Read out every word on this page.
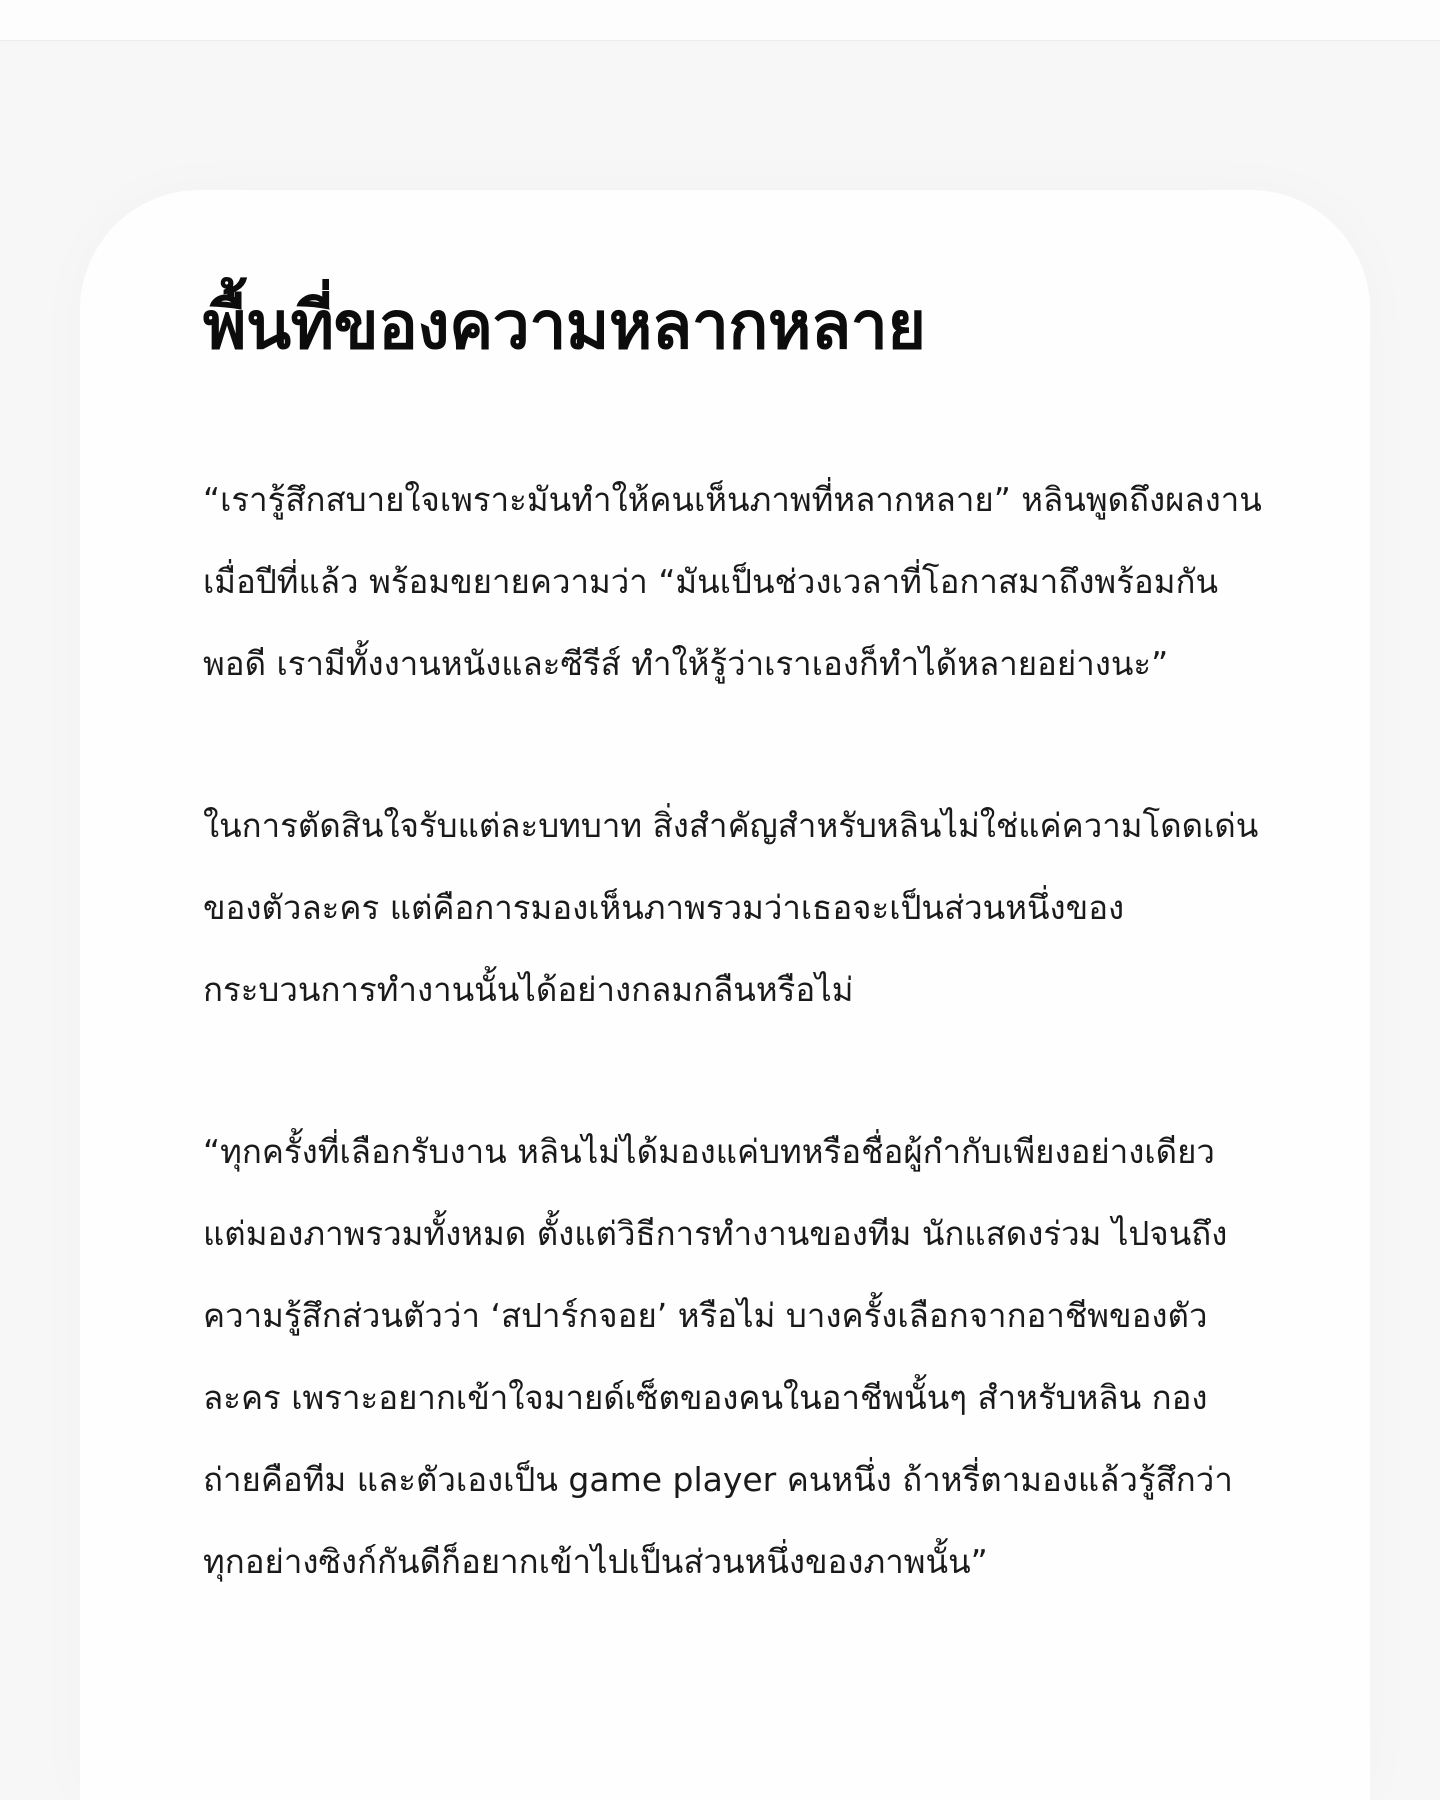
พื้นที่ของความหลากหลาย

“เรารู้สึกสบายใจเพราะมันทำให้คนเห็นภาพที่หลากหลาย” หลินพูดถึงผลงานเมื่อปีที่แล้ว พร้อมขยายความว่า “มันเป็นช่วงเวลาที่โอกาสมาถึงพร้อมกันพอดี เรามีทั้งงานหนังและซีรีส์ ทำให้รู้ว่าเราเองก็ทำได้หลายอย่างนะ”

ในการตัดสินใจรับแต่ละบทบาท สิ่งสำคัญสำหรับหลินไม่ใช่แค่ความโดดเด่นของตัวละคร แต่คือการมองเห็นภาพรวมว่าเธอจะเป็นส่วนหนึ่งของกระบวนการทำงานนั้นได้อย่างกลมกลืนหรือไม่

“ทุกครั้งที่เลือกรับงาน หลินไม่ได้มองแค่บทหรือชื่อผู้กำกับเพียงอย่างเดียว แต่มองภาพรวมทั้งหมด ตั้งแต่วิธีการทำงานของทีม นักแสดงร่วม ไปจนถึงความรู้สึกส่วนตัวว่า ‘สปาร์กจอย’ หรือไม่ บางครั้งเลือกจากอาชีพของตัวละคร เพราะอยากเข้าใจมายด์เซ็ตของคนในอาชีพนั้นๆ สำหรับหลิน กองถ่ายคือทีม และตัวเองเป็น game player คนหนึ่ง ถ้าหรี่ตามองแล้วรู้สึกว่าทุกอย่างซิงก์กันดีก็อยากเข้าไปเป็นส่วนหนึ่งของภาพนั้น”
